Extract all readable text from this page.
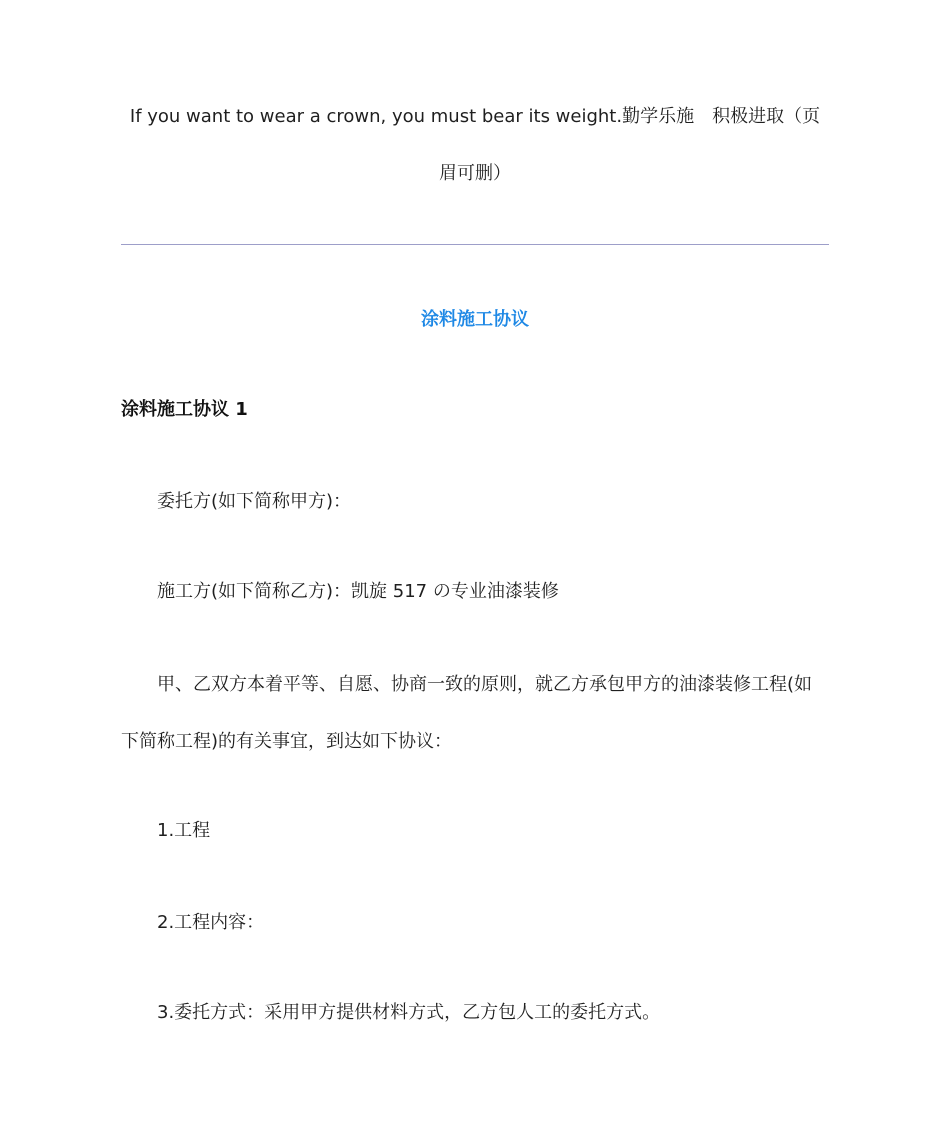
If you want to wear a crown, you must bear its weight.勤学乐施 积极进取（页眉可删）
涂料施工协议
涂料施工协议 1
委托方(如下简称甲方)：
施工方(如下简称乙方)：凯旋 517 の专业油漆装修
甲、乙双方本着平等、自愿、协商一致的原则，就乙方承包甲方的油漆装修工程(如下简称工程)的有关事宜，到达如下协议：
1.工程
2.工程内容：
3.委托方式：采用甲方提供材料方式，乙方包人工的委托方式。
